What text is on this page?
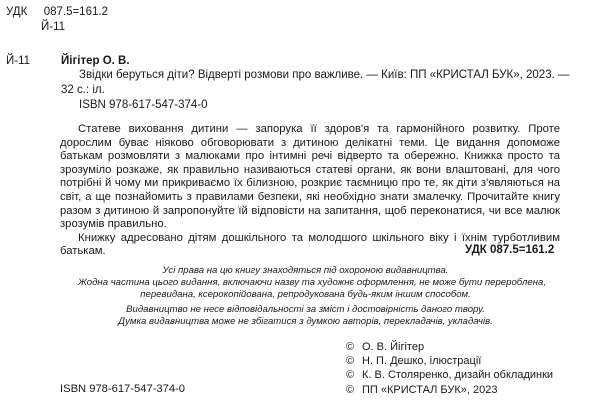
УДК 087.5=161.2
Й-11
Й-11	Йігітер О. В.
Звідки беруться діти? Відверті розмови про важливе. — Київ: ПП «КРИСТАЛ БУК», 2023. —
32 с.: іл.
ISBN 978-617-547-374-0

Статеве виховання дитини — запорука її здоров'я та гармонійного розвитку. Проте дорослим буває ніяково обговорювати з дитиною делікатні теми. Це видання допоможе батькам розмовляти з малюками про інтимні речі відверто та обережно. Книжка просто та зрозуміло розкаже, як правильно називаються статеві органи, як вони влаштовані, для чого потрібні й чому ми прикриваємо їх білизною, розкриє таємницю про те, як діти з'являються на світ, а ще познайомить з правилами безпеки, які необхідно знати змалечку. Прочитайте книгу разом з дитиною й запропонуйте їй відповісти на запитання, щоб переконатися, чи все малюк зрозумів правильно.

Книжку адресовано дітям дошкільного та молодшого шкільного віку і їхнім турботливим батькам.	УДК 087.5=161.2

Усі права на цю книгу знаходяться під охороною видавництва.

Жодна частина цього видання, включаючи назву та художнє оформлення, не може бути перероблена,

перевидана, ксерокопійована, репродукована будь-яким іншим способом.

Видавництво не несе відповідальності за зміст і достовірність даного твору.

Думка видавництва може не збігатися з думкою авторів, перекладачів, укладачів.

© О. В. Йігітер
© Н. П. Дешко, ілюстрації
© К. В. Столяренко, дизайн обкладинки
© ПП «КРИСТАЛ БУК», 2023
ISBN 978-617-547-374-0
